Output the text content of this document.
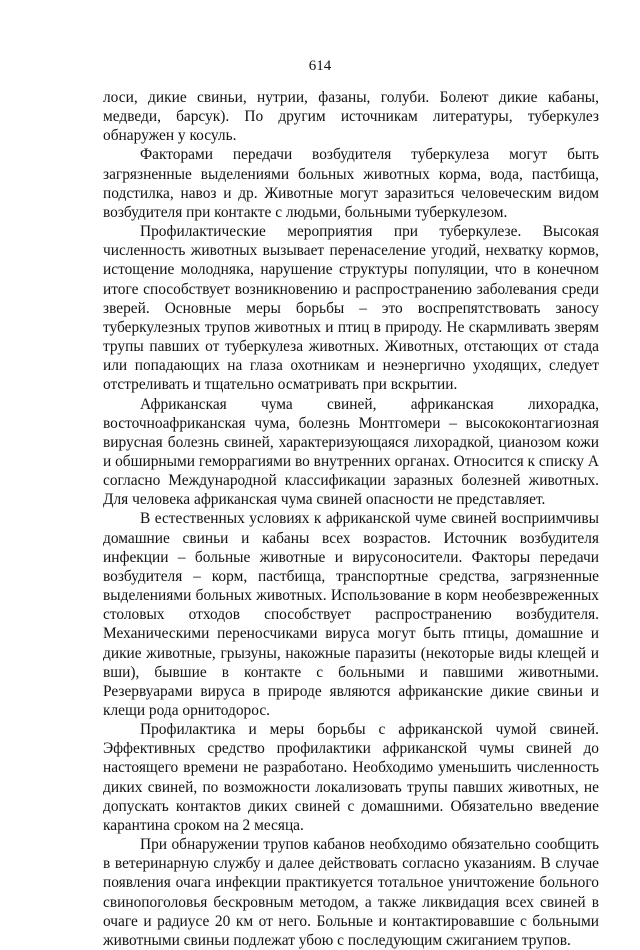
614

лоси, дикие свиньи, нутрии, фазаны, голуби. Болеют дикие кабаны, медведи, барсук). По другим источникам литературы, туберкулез обнаружен у косуль.

Факторами передачи возбудителя туберкулеза могут быть загрязненные выделениями больных животных корма, вода, пастбища, подстилка, навоз и др. Животные могут заразиться человеческим видом возбудителя при контакте с людьми, больными туберкулезом.

Профилактические мероприятия при туберкулезе. Высокая численность животных вызывает перенаселение угодий, нехватку кормов, истощение молодняка, нарушение структуры популяции, что в конечном итоге способствует возникновению и распространению заболевания среди зверей. Основные меры борьбы – это воспрепятствовать заносу туберкулезных трупов животных и птиц в природу. Не скармливать зверям трупы павших от туберкулеза животных. Животных, отстающих от стада или попадающих на глаза охотникам и неэнергично уходящих, следует отстреливать и тщательно осматривать при вскрытии.

Африканская чума свиней, африканская лихорадка, восточноафриканская чума, болезнь Монтгомери – высококонтагиозная вирусная болезнь свиней, характеризующаяся лихорадкой, цианозом кожи и обширными геморрагиями во внутренних органах. Относится к списку А согласно Международной классификации заразных болезней животных. Для человека африканская чума свиней опасности не представляет.

В естественных условиях к африканской чуме свиней восприимчивы домашние свиньи и кабаны всех возрастов. Источник возбудителя инфекции – больные животные и вирусоносители. Факторы передачи возбудителя – корм, пастбища, транспортные средства, загрязненные выделениями больных животных. Использование в корм необезвреженных столовых отходов способствует распространению возбудителя. Механическими переносчиками вируса могут быть птицы, домашние и дикие животные, грызуны, накожные паразиты (некоторые виды клещей и вши), бывшие в контакте с больными и павшими животными. Резервуарами вируса в природе являются африканские дикие свиньи и клещи рода орнитодорос.

Профилактика и меры борьбы с африканской чумой свиней. Эффективных средство профилактики африканской чумы свиней до настоящего времени не разработано. Необходимо уменьшить численность диких свиней, по возможности локализовать трупы павших животных, не допускать контактов диких свиней с домашними. Обязательно введение карантина сроком на 2 месяца.

При обнаружении трупов кабанов необходимо обязательно сообщить в ветеринарную службу и далее действовать согласно указаниям. В случае появления очага инфекции практикуется тотальное уничтожение больного свинопоголовья бескровным методом, а также ликвидация всех свиней в очаге и радиусе 20 км от него. Больные и контактировавшие с больными животными свиньи подлежат убою с последующим сжиганием трупов.
